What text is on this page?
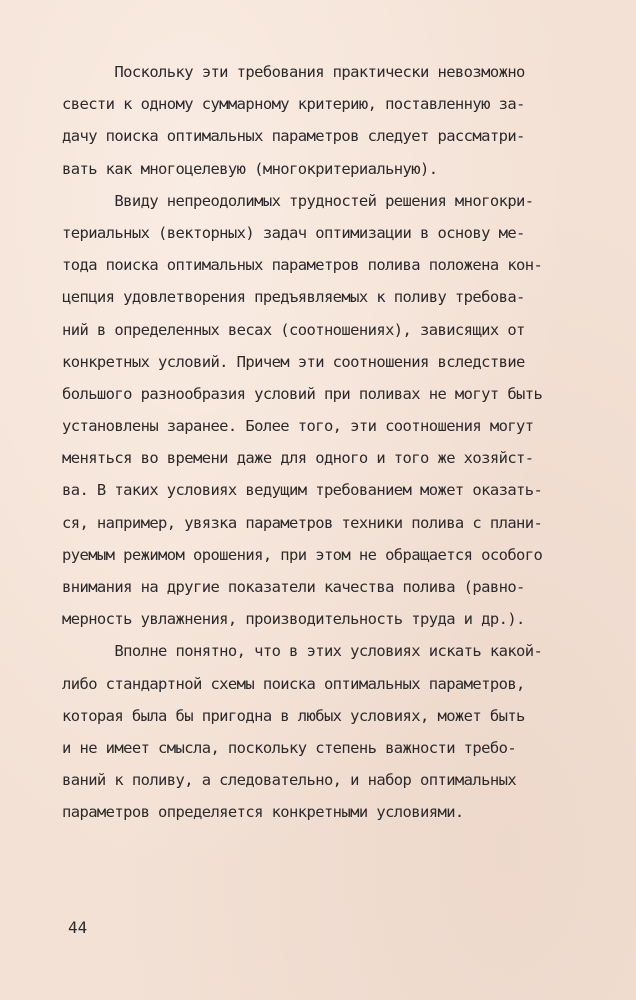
Поскольку эти требования практически невозможно
свести к одному суммарному критерию, поставленную за-
дачу поиска оптимальных параметров следует рассматри-
вать как многоцелевую (многокритериальную).
Ввиду непреодолимых трудностей решения многокри-
териальных (векторных) задач оптимизации в основу ме-
тода поиска оптимальных параметров полива положена кон-
цепция удовлетворения предъявляемых к поливу требова-
ний в определенных весах (соотношениях), зависящих от
конкретных условий. Причем эти соотношения вследствие
большого разнообразия условий при поливах не могут быть
установлены заранее. Более того, эти соотношения могут
меняться во времени даже для одного и того же хозяйст-
ва. В таких условиях ведущим требованием может оказать-
ся, например, увязка параметров техники полива с плани-
руемым режимом орошения, при этом не обращается особого
внимания на другие показатели качества полива (равно-
мерность увлажнения, производительность труда и др.).
Вполне понятно, что в этих условиях искать какой-
либо стандартной схемы поиска оптимальных параметров,
которая была бы пригодна в любых условиях, может быть
и не имеет смысла, поскольку степень важности требо-
ваний к поливу, а следовательно, и набор оптимальных
параметров определяется конкретными условиями.
44
